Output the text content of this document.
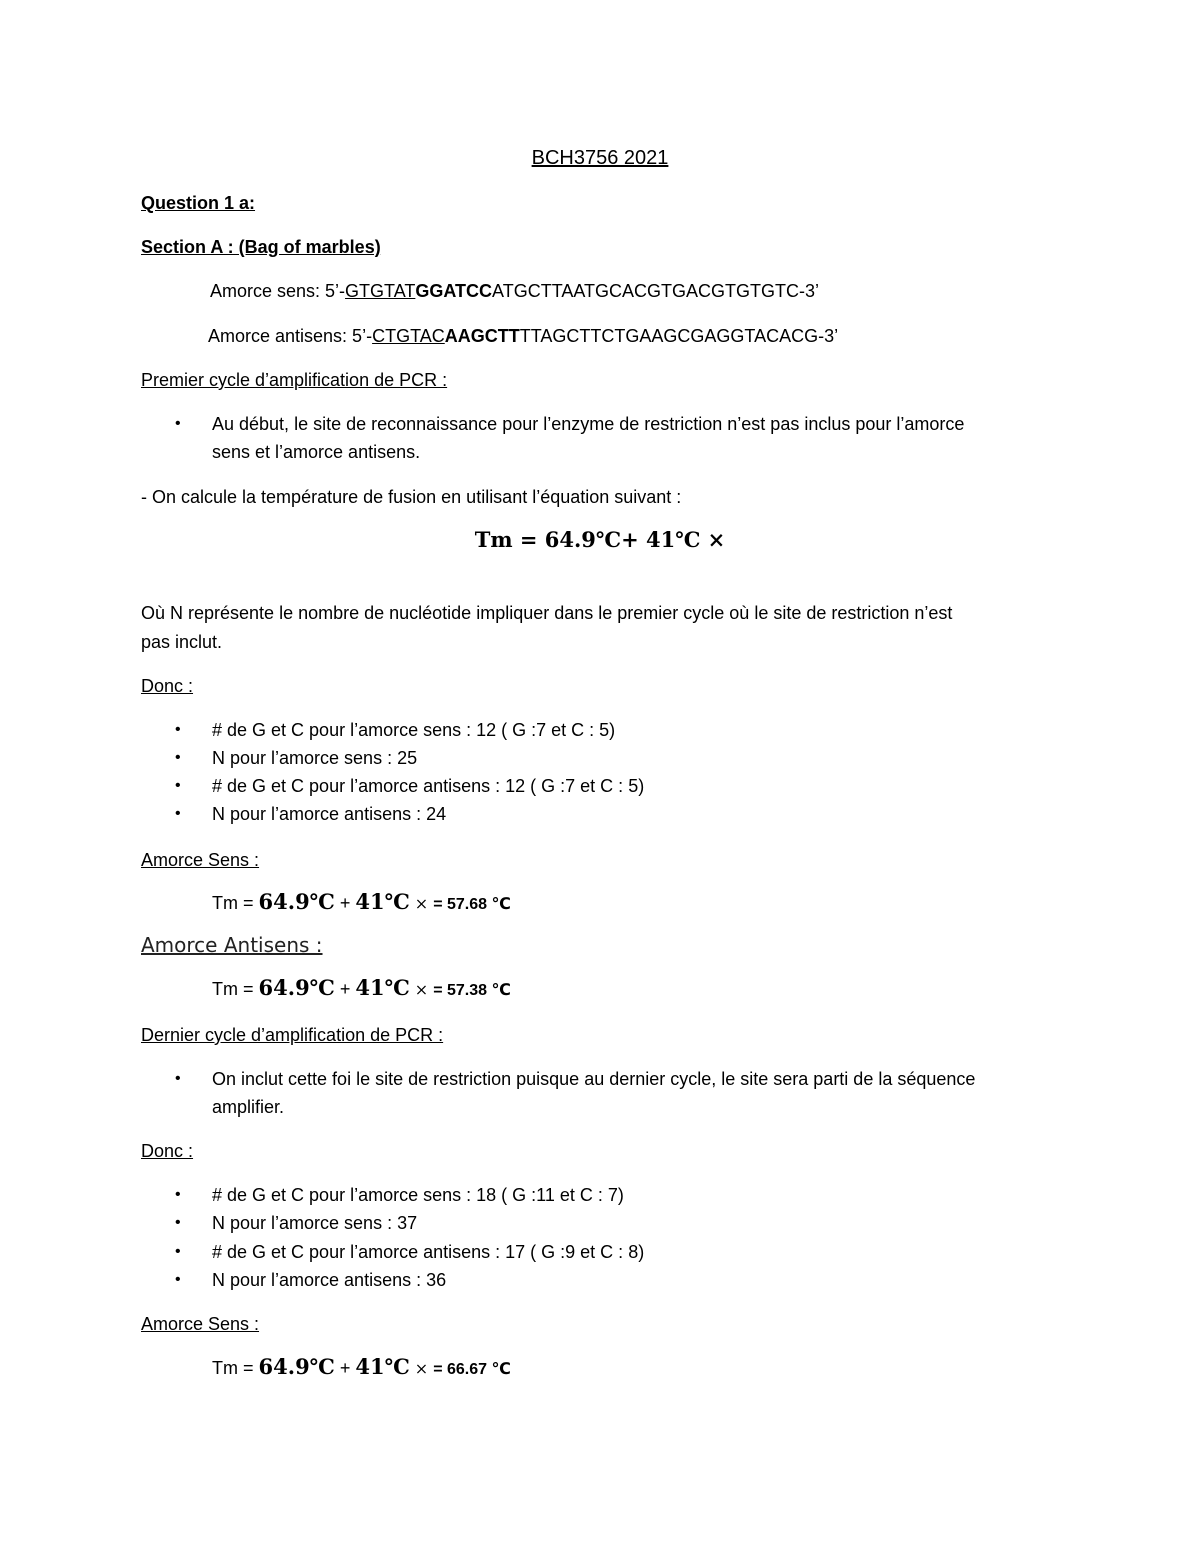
BCH3756 2021
Question 1 a:
Section A : (Bag of marbles)
Amorce sens: 5’-GTGTATGGATCCATGCTTAATGCACGTGACGTGTGTC-3’
Amorce antisens: 5’-CTGTACAAGCTTTTAGCTTCTGAAGCGAGGTACACG-3’
Premier cycle d’amplification de PCR :
• Au début, le site de reconnaissance pour l’enzyme de restriction n’est pas inclus pour l’amorce
sens et l’amorce antisens.
- On calcule la température de fusion en utilisant l’équation suivant :
Tm = 64.9℃+ 41℃ ×
Où N représente le nombre de nucléotide impliquer dans le premier cycle où le site de restriction n’est
pas inclut.
Donc :
• # de G et C pour l’amorce sens : 12 ( G :7 et C : 5)
• N pour l’amorce sens : 25
• # de G et C pour l’amorce antisens : 12 ( G :7 et C : 5)
• N pour l’amorce antisens : 24
Amorce Sens :
Tm = 64.9℃ + 41℃ × = 57.68 ℃
Amorce Antisens :
Tm = 64.9℃ + 41℃ × = 57.38 ℃
Dernier cycle d’amplification de PCR :
• On inclut cette foi le site de restriction puisque au dernier cycle, le site sera parti de la séquence
amplifier.
Donc :
• # de G et C pour l’amorce sens : 18 ( G :11 et C : 7)
• N pour l’amorce sens : 37
• # de G et C pour l’amorce antisens : 17 ( G :9 et C : 8)
• N pour l’amorce antisens : 36
Amorce Sens :
Tm = 64.9℃ + 41℃ × = 66.67 ℃
